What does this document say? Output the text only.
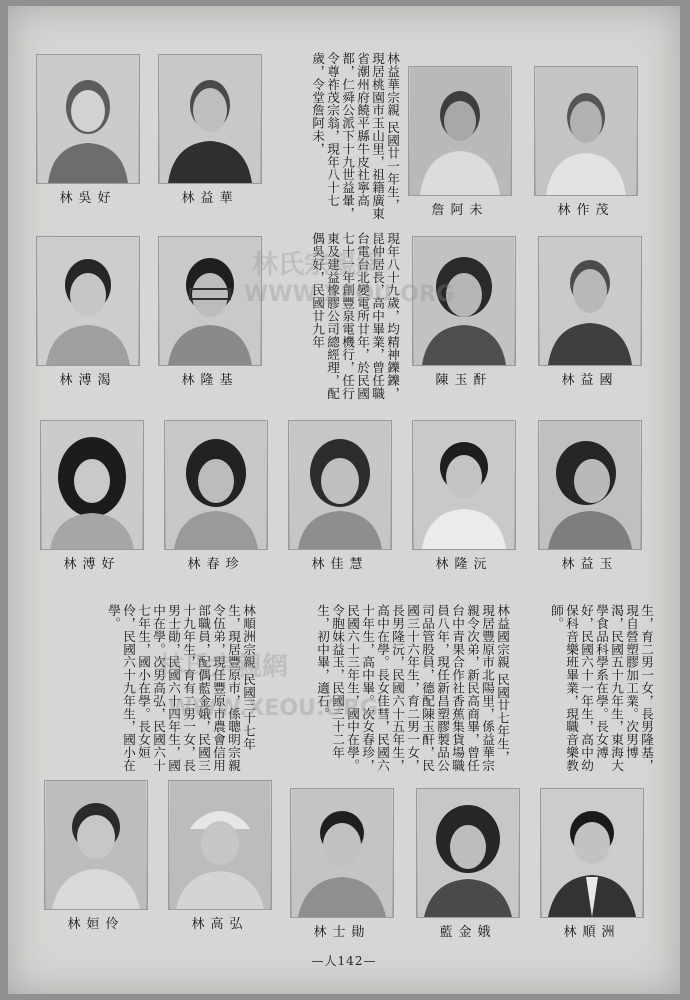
林吳好	林益華
詹阿未	林作茂
林溥渴	林隆基	陳玉酐	林益國
林溥好	林春珍	林佳慧	林隆沅	林益玉
林姮伶	林高弘
林士勛	藍金娥	林順洲
林益華宗親 民國廿一年生，現居桃園市玉山里，祖籍廣東省潮州府饒平縣牛皮社寧高都，仁舜公派下十九世益暈，令尊祚茂宗翁，現年八十七歲，令堂詹阿未，
現年八十九歲，均精神鑠鑠，昆仲居長，高中畢業，曾任職台電台北變電所廿年，於民國七十一年創豐泉電機行，任行東及建益橡膠公司總經理，配偶吳好，民國廿九年
生，育二男一女，長男隆基，現自營塑膠加工業。次男博渴，民國五十九年生，東海大學食品科學系在學。長女溥好，民國六十一年生，高中幼保科音樂班畢業，現職音樂教師。
林益國宗親 民國廿七年生，現居豐原市北陽里，係益華宗親令次弟，新民高商畢，曾任台中青果合作社香蕉集貨場職員八年，現任新昌塑膠製品公司品管股員，德配陳玉酐，民國三十六年生，育二男一女，長男隆沅，民國六十五年生，高中在學。長女佳彗，民國六十年生，高中畢。次女春珍，民國六十三年生，國中在學。令胞妹益玉，民國三十二年生，初中畢，適石。
林順洲宗親 民國三十七年生，現居豐原市，係聰明宗親令伍弟，現任豐原市農會信用部職員，配偶藍金娥，民國三十九年生，育有二男一女，長男士勛，民國六十四年生，國中在學。次男高弘，民國六十七年生，國小在學。長女姮伶，民國六十九年生，國小在學。
林氏宗親網
WWW.XEOU.ORG
林氏宗親網
WWW.XEOU.ORG
—人142—
